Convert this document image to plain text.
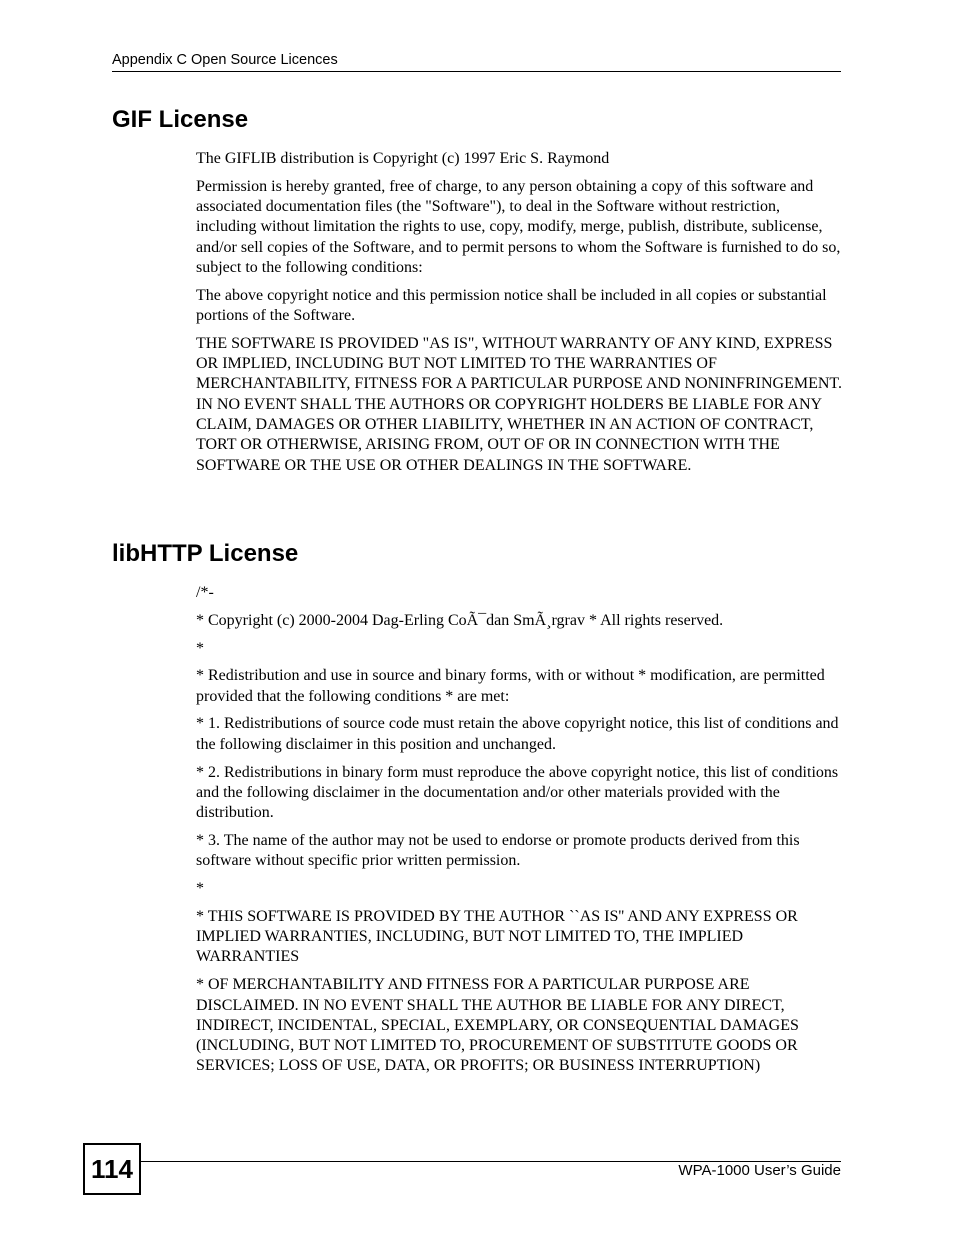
Appendix C Open Source Licences
GIF License

The GIFLIB distribution is Copyright (c) 1997 Eric S. Raymond

Permission is hereby granted, free of charge, to any person obtaining a copy of this software and associated documentation files (the "Software"), to deal in the Software without restriction, including without limitation the rights to use, copy, modify, merge, publish, distribute, sublicense, and/or sell copies of the Software, and to permit persons to whom the Software is furnished to do so, subject to the following conditions:

The above copyright notice and this permission notice shall be included in all copies or substantial portions of the Software.

THE SOFTWARE IS PROVIDED "AS IS", WITHOUT WARRANTY OF ANY KIND, EXPRESS OR IMPLIED, INCLUDING BUT NOT LIMITED TO THE WARRANTIES OF MERCHANTABILITY, FITNESS FOR A PARTICULAR PURPOSE AND NONINFRINGEMENT. IN NO EVENT SHALL THE AUTHORS OR COPYRIGHT HOLDERS BE LIABLE FOR ANY CLAIM, DAMAGES OR OTHER LIABILITY, WHETHER IN AN ACTION OF CONTRACT, TORT OR OTHERWISE, ARISING FROM, OUT OF OR IN CONNECTION WITH THE SOFTWARE OR THE USE OR OTHER DEALINGS IN THE SOFTWARE.

libHTTP License

/*-

* Copyright (c) 2000-2004 Dag-Erling CoÃ¯dan SmÃ¸rgrav * All rights reserved.

*

* Redistribution and use in source and binary forms, with or without * modification, are permitted provided that the following conditions * are met:

* 1. Redistributions of source code must retain the above copyright notice, this list of conditions and the following disclaimer in this position and unchanged.

* 2. Redistributions in binary form must reproduce the above copyright notice, this list of conditions and the following disclaimer in the documentation and/or other materials provided with the distribution.

* 3. The name of the author may not be used to endorse or promote products derived from this software without specific prior written permission.

*

* THIS SOFTWARE IS PROVIDED BY THE AUTHOR ``AS IS'' AND ANY EXPRESS OR IMPLIED WARRANTIES, INCLUDING, BUT NOT LIMITED TO, THE IMPLIED WARRANTIES

* OF MERCHANTABILITY AND FITNESS FOR A PARTICULAR PURPOSE ARE DISCLAIMED. IN NO EVENT SHALL THE AUTHOR BE LIABLE FOR ANY DIRECT, INDIRECT, INCIDENTAL, SPECIAL, EXEMPLARY, OR CONSEQUENTIAL DAMAGES (INCLUDING, BUT NOT LIMITED TO, PROCUREMENT OF SUBSTITUTE GOODS OR SERVICES; LOSS OF USE, DATA, OR PROFITS; OR BUSINESS INTERRUPTION)

114	WPA-1000 User’s Guide
